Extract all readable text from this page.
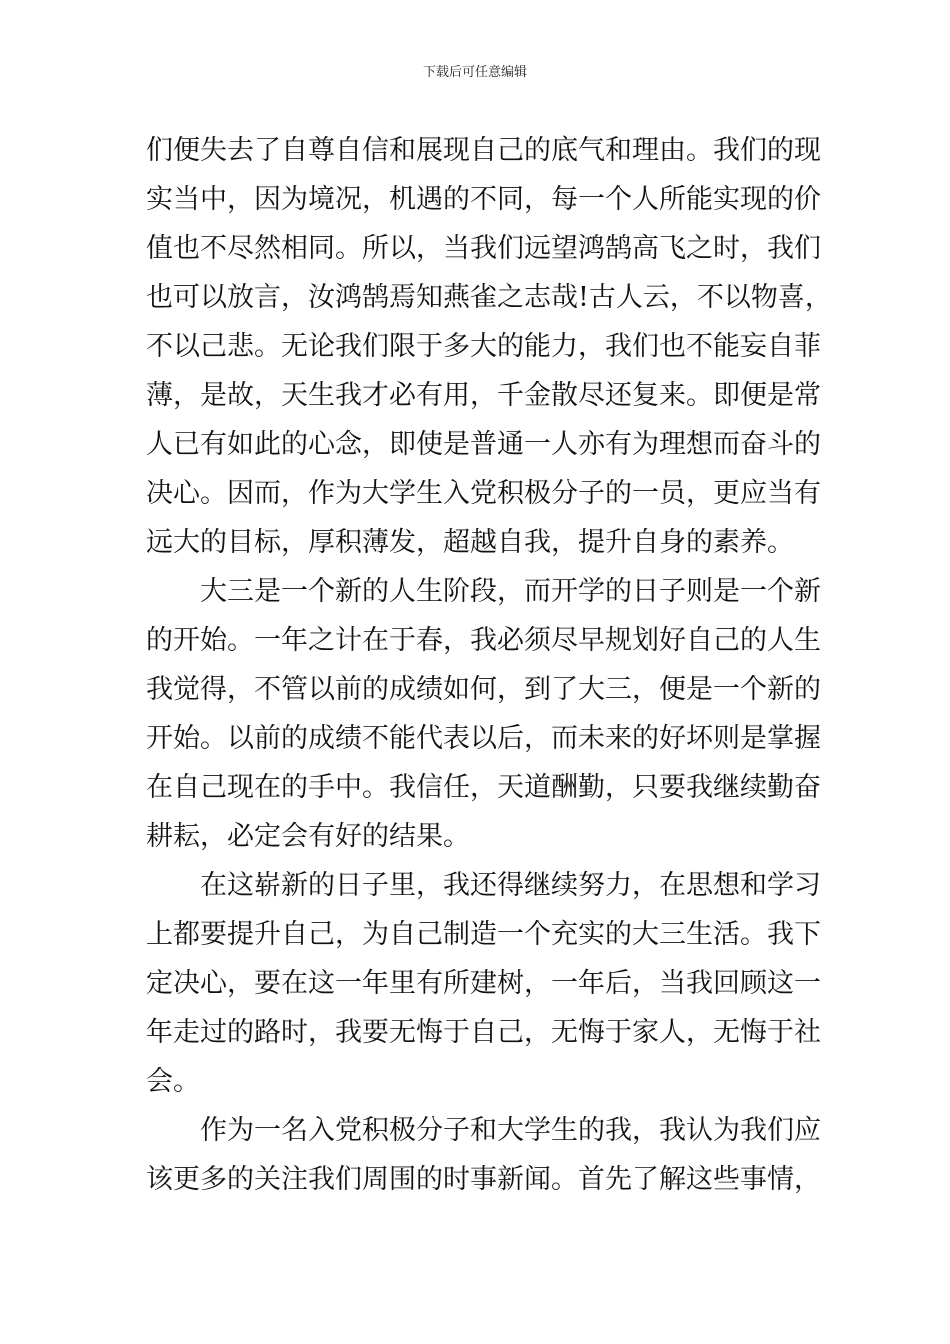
下载后可任意编辑
们便失去了自尊自信和展现自己的底气和理由。我们的现
实当中，因为境况，机遇的不同，每一个人所能实现的价
值也不尽然相同。所以，当我们远望鸿鹄高飞之时，我们
也可以放言，汝鸿鹄焉知燕雀之志哉!古人云，不以物喜，
不以己悲。无论我们限于多大的能力，我们也不能妄自菲
薄，是故，天生我才必有用，千金散尽还复来。即便是常
人已有如此的心念，即使是普通一人亦有为理想而奋斗的
决心。因而，作为大学生入党积极分子的一员，更应当有
远大的目标，厚积薄发，超越自我，提升自身的素养。
大三是一个新的人生阶段，而开学的日子则是一个新
的开始。一年之计在于春，我必须尽早规划好自己的人生
我觉得，不管以前的成绩如何，到了大三，便是一个新的
开始。以前的成绩不能代表以后，而未来的好坏则是掌握
在自己现在的手中。我信任，天道酬勤，只要我继续勤奋
耕耘，必定会有好的结果。
在这崭新的日子里，我还得继续努力，在思想和学习
上都要提升自己，为自己制造一个充实的大三生活。我下
定决心，要在这一年里有所建树，一年后，当我回顾这一
年走过的路时，我要无悔于自己，无悔于家人，无悔于社
会。
作为一名入党积极分子和大学生的我，我认为我们应
该更多的关注我们周围的时事新闻。首先了解这些事情，
